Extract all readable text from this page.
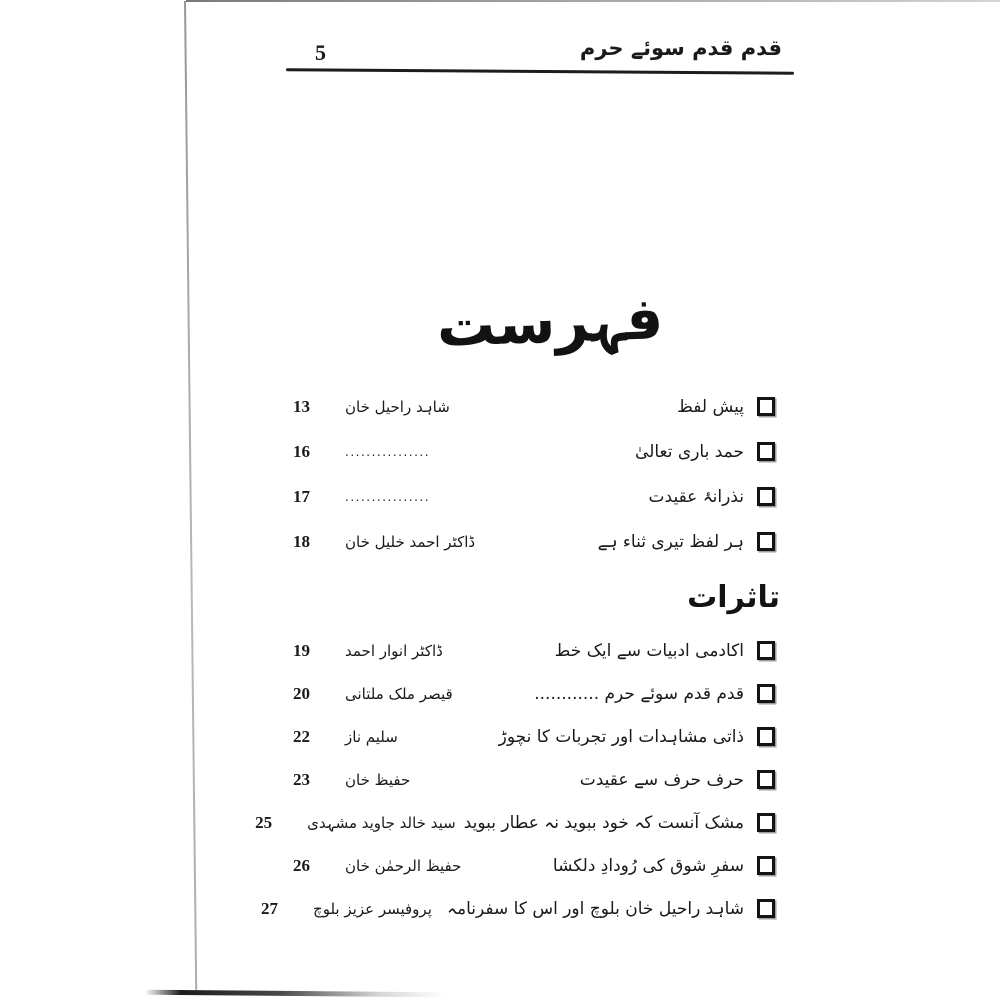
5	قدم قدم سوئے حرم
فہرست
پیش لفظ
شاہد راحیل خان
13
حمد باری تعالیٰ
................
16
نذرانۂ عقیدت
................
17
ہر لفظ تیری ثناء ہے
ڈاکٹر احمد خلیل خان
18
تاثرات
اکادمی ادبیات سے ایک خط
ڈاکٹر انوار احمد
19
قدم قدم سوئے حرم ............
قیصر ملک ملتانی
20
ذاتی مشاہدات اور تجربات کا نچوڑ
سلیم ناز
22
حرف حرف سے عقیدت
حفیظ خان
23
مشک آنست کہ خود ببوید نہ عطار ببوید
سید خالد جاوید مشہدی
25
سفرِ شوق کی رُودادِ دلکشا
حفیظ الرحمٰن خان
26
شاہد راحیل خان بلوچ اور اس کا سفرنامہ
پروفیسر عزیز بلوچ
27
